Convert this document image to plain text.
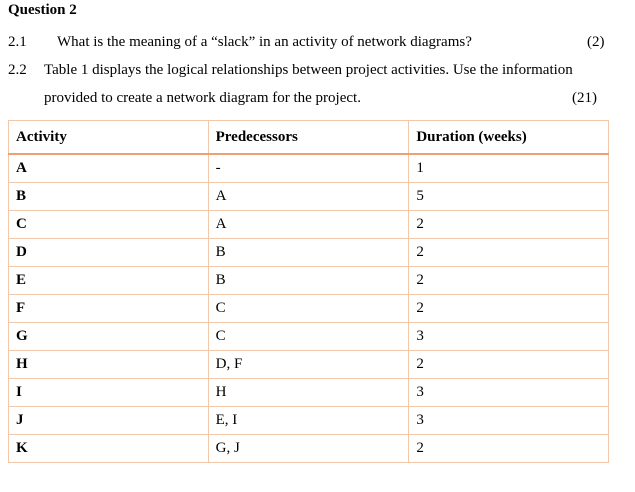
Question 2
2.1 What is the meaning of a “slack” in an activity of network diagrams?	(2)
2.2 Table 1 displays the logical relationships between project activities. Use the information
provided to create a network diagram for the project.	(21)
Activity	Predecessors	Duration (weeks)
A	-	1
B	A	5
C	A	2
D	B	2
E	B	2
F	C	2
G	C	3
H	D, F	2
I	H	3
J	E, I	3
K	G, J	2
